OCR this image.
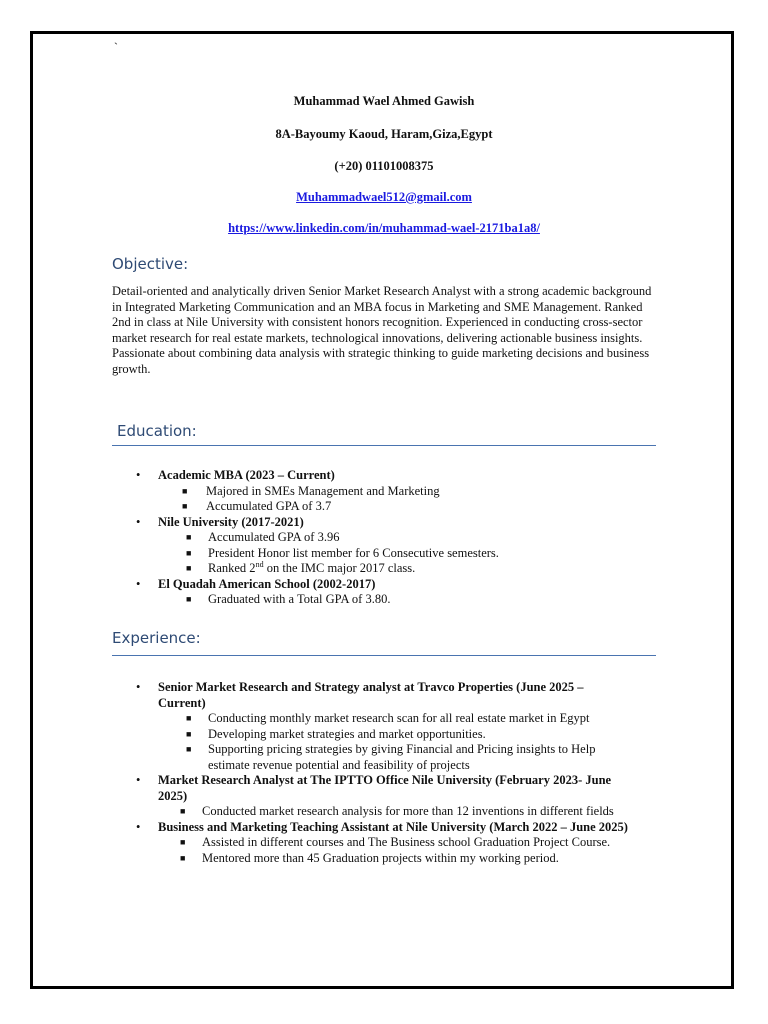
`
Muhammad Wael Ahmed Gawish
8A-Bayoumy Kaoud, Haram,Giza,Egypt
(+20) 01101008375
Muhammadwael512@gmail.com
https://www.linkedin.com/in/muhammad-wael-2171ba1a8/
Objective:
Detail-oriented and analytically driven Senior Market Research Analyst with a strong academic background in Integrated Marketing Communication and an MBA focus in Marketing and SME Management. Ranked 2nd in class at Nile University with consistent honors recognition. Experienced in conducting cross-sector market research for real estate markets, technological innovations, delivering actionable business insights. Passionate about combining data analysis with strategic thinking to guide marketing decisions and business growth.
Education:
• Academic MBA (2023 – Current)
■ Majored in SMEs Management and Marketing
■ Accumulated GPA of 3.7
• Nile University (2017-2021)
■ Accumulated GPA of 3.96
■ President Honor list member for 6 Consecutive semesters.
■ Ranked 2nd on the IMC major 2017 class.
• El Quadah American School (2002-2017)
■ Graduated with a Total GPA of 3.80.
Experience:
• Senior Market Research and Strategy analyst at Travco Properties (June 2025 – Current)
■ Conducting monthly market research scan for all real estate market in Egypt
■ Developing market strategies and market opportunities.
■ Supporting pricing strategies by giving Financial and Pricing insights to Help estimate revenue potential and feasibility of projects
• Market Research Analyst at The IPTTO Office Nile University (February 2023- June 2025)
■ Conducted market research analysis for more than 12 inventions in different fields
• Business and Marketing Teaching Assistant at Nile University (March 2022 – June 2025)
■ Assisted in different courses and The Business school Graduation Project Course.
■ Mentored more than 45 Graduation projects within my working period.
